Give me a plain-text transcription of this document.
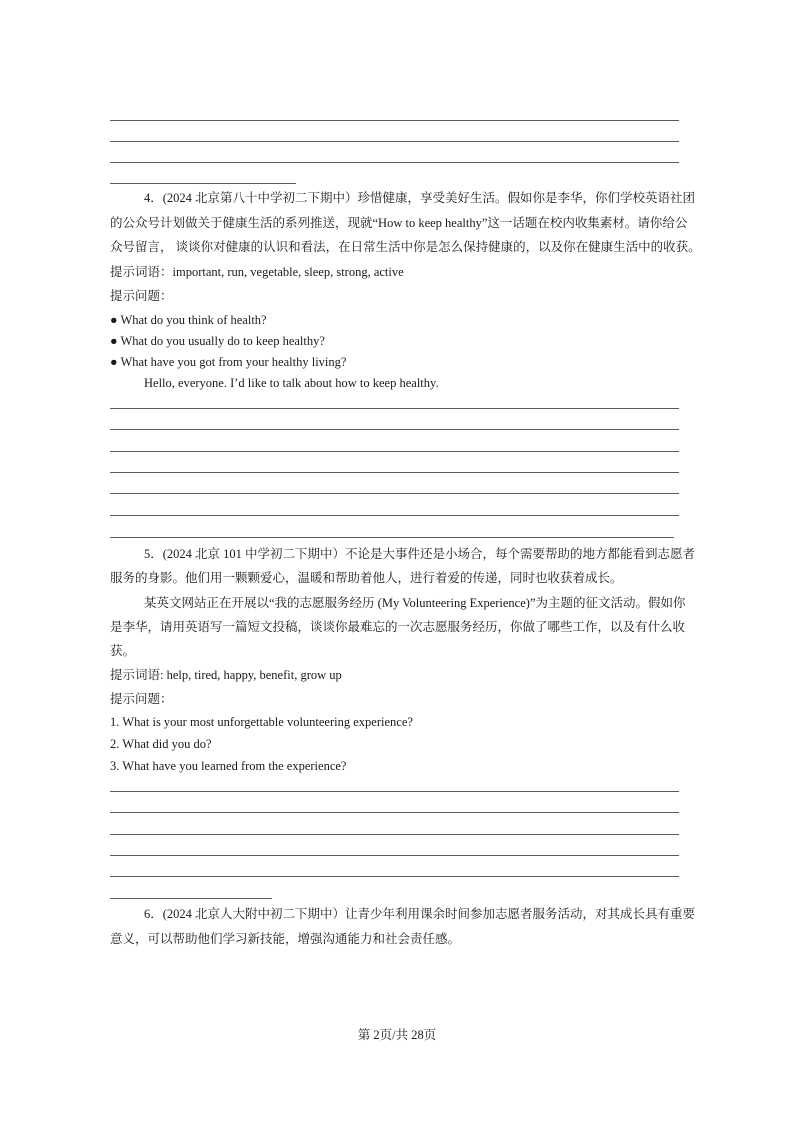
4．(2024 北京第八十中学初二下期中）珍惜健康，享受美好生活。假如你是李华，你们学校英语社团
的公众号计划做关于健康生活的系列推送，现就“How to keep healthy”这一话题在校内收集素材。请你给公
众号留言， 谈谈你对健康的认识和看法，在日常生活中你是怎么保持健康的，以及你在健康生活中的收获。
提示词语：important, run, vegetable, sleep, strong, active
提示问题：
● What do you think of health?
● What do you usually do to keep healthy?
● What have you got from your healthy living?
Hello, everyone. I’d like to talk about how to keep healthy.
5．(2024 北京 101 中学初二下期中）不论是大事件还是小场合，每个需要帮助的地方都能看到志愿者
服务的身影。他们用一颗颗爱心，温暖和帮助着他人，进行着爱的传递，同时也收获着成长。
某英文网站正在开展以“我的志愿服务经历 (My Volunteering Experience)”为主题的征文活动。假如你
是李华，请用英语写一篇短文投稿，谈谈你最难忘的一次志愿服务经历，你做了哪些工作，以及有什么收
获。
提示词语: help, tired, happy, benefit, grow up
提示问题：
1. What is your most unforgettable volunteering experience?
2. What did you do?
3. What have you learned from the experience?
6．(2024 北京人大附中初二下期中）让青少年利用课余时间参加志愿者服务活动，对其成长具有重要
意义，可以帮助他们学习新技能，增强沟通能力和社会责任感。
第 2页/共 28页
